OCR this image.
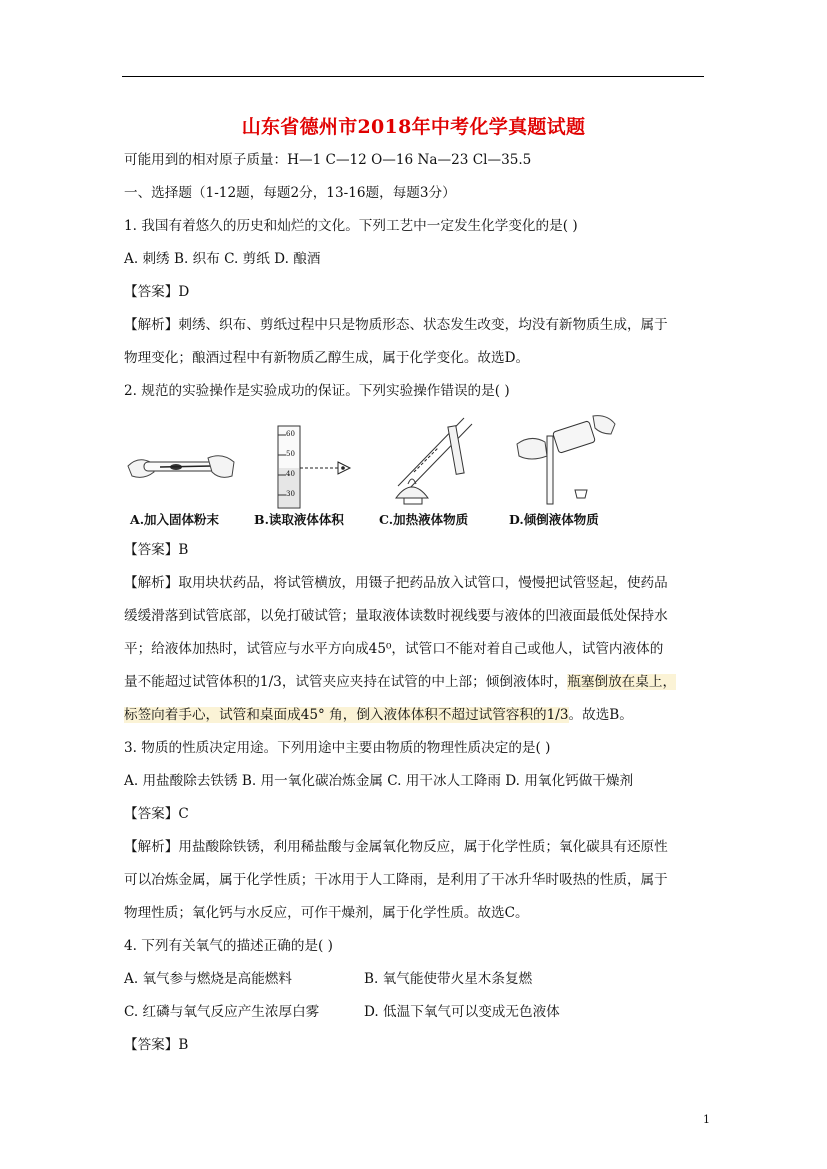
山东省德州市2018年中考化学真题试题
可能用到的相对原子质量：H—1 C—12 O—16 Na—23 Cl—35.5
一、选择题（1-12题，每题2分，13-16题，每题3分）
1. 我国有着悠久的历史和灿烂的文化。下列工艺中一定发生化学变化的是( )
A. 刺绣 B. 织布 C. 剪纸 D. 酿酒
【答案】D
【解析】刺绣、织布、剪纸过程中只是物质形态、状态发生改变，均没有新物质生成，属于
物理变化；酿酒过程中有新物质乙醇生成，属于化学变化。故选D。
2. 规范的实验操作是实验成功的保证。下列实验操作错误的是( )
60
50
40
30
A.加入固体粉末	B.读取液体体积	C.加热液体物质	D.倾倒液体物质
【答案】B
【解析】取用块状药品，将试管横放，用镊子把药品放入试管口，慢慢把试管竖起，使药品
缓缓滑落到试管底部，以免打破试管；量取液体读数时视线要与液体的凹液面最低处保持水
平；给液体加热时，试管应与水平方向成45⁰，试管口不能对着自己或他人，试管内液体的
量不能超过试管体积的1/3，试管夹应夹持在试管的中上部；倾倒液体时，瓶塞倒放在桌上，
标签向着手心，试管和桌面成45° 角，倒入液体体积不超过试管容积的1/3。故选B。
3. 物质的性质决定用途。下列用途中主要由物质的物理性质决定的是( )
A. 用盐酸除去铁锈 B. 用一氧化碳冶炼金属 C. 用干冰人工降雨 D. 用氧化钙做干燥剂
【答案】C
【解析】用盐酸除铁锈，利用稀盐酸与金属氧化物反应，属于化学性质；氧化碳具有还原性
可以冶炼金属，属于化学性质；干冰用于人工降雨，是利用了干冰升华时吸热的性质，属于
物理性质；氧化钙与水反应，可作干燥剂，属于化学性质。故选C。
4. 下列有关氧气的描述正确的是( )
A. 氧气参与燃烧是高能燃料	B. 氧气能使带火星木条复燃
C. 红磷与氧气反应产生浓厚白雾	D. 低温下氧气可以变成无色液体
【答案】B
1
